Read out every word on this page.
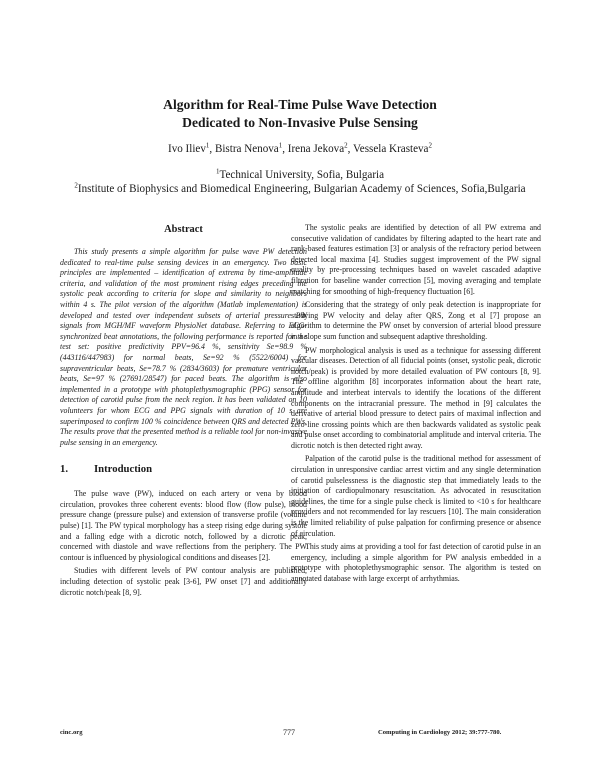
Algorithm for Real-Time Pulse Wave Detection
Dedicated to Non-Invasive Pulse Sensing
Ivo Iliev$^1$, Bistra Nenova$^1$, Irena Jekova$^2$, Vessela Krasteva$^2$
$^1$Technical University, Sofia, Bulgaria
$^2$Institute of Biophysics and Biomedical Engineering, Bulgarian Academy of Sciences, Sofia,Bulgaria
Abstract

This study presents a simple algorithm for pulse wave PW detection dedicated to real-time pulse sensing devices in an emergency. Two basic principles are implemented – identification of extrema by time-amplitude criteria, and validation of the most prominent rising edges preceding the systolic peak according to criteria for slope and similarity to neighbors within 4 s. The pilot version of the algorithm (Matlab implementation) is developed and tested over independent subsets of arterial pressure PW signals from MGH/MF waveform PhysioNet database. Referring to ECG-synchronized beat annotations, the following performance is reported for the test set: positive predictivity PPV=96.4 %, sensitivity Se=98.9 % (443116/447983) for normal beats, Se=92 % (5522/6004) for supraventricular beats, Se=78.7 % (2834/3603) for premature ventricular beats, Se=97 % (27691/28547) for paced beats. The algorithm is also implemented in a prototype with photoplethysmographic (PPG) sensor for detection of carotid pulse from the neck region. It has been validated on 10 volunteers for whom ECG and PPG signals with duration of 10 s are superimposed to confirm 100 % coincidence between QRS and detected PWs. The results prove that the presented method is a reliable tool for non-invasive pulse sensing in an emergency.

1. Introduction

The pulse wave (PW), induced on each artery or vena by blood circulation, provokes three coherent events: blood flow (flow pulse), blood pressure change (pressure pulse) and extension of transverse profile (volume pulse) [1]. The PW typical morphology has a steep rising edge during systole and a falling edge with a dicrotic notch, followed by a dicrotic peak, concerned with diastole and wave reflections from the periphery. The PW contour is influenced by physiological conditions and diseases [2].

Studies with different levels of PW contour analysis are published, including detection of systolic peak [3-6], PW onset [7] and additionally dicrotic notch/peak [8, 9].

The systolic peaks are identified by detection of all PW extrema and consecutive validation of candidates by filtering adapted to the heart rate and rank-based features estimation [3] or analysis of the refractory period between detected local maxima [4]. Studies suggest improvement of the PW signal quality by pre-processing techniques based on wavelet cascaded adaptive filtration for baseline wander correction [5], moving averaging and template matching for smoothing of high-frequency fluctuation [6].

Considering that the strategy of only peak detection is inappropriate for studying PW velocity and delay after QRS, Zong et al [7] propose an algorithm to determine the PW onset by conversion of arterial blood pressure in a slope sum function and subsequent adaptive thresholding.

PW morphological analysis is used as a technique for assessing different vascular diseases. Detection of all fiducial points (onset, systolic peak, dicrotic notch/peak) is provided by more detailed evaluation of PW contours [8, 9]. The offline algorithm [8] incorporates information about the heart rate, amplitude and interbeat intervals to identify the locations of the different components on the intracranial pressure. The method in [9] calculates the derivative of arterial blood pressure to detect pairs of maximal inflection and zero-line crossing points which are then backwards validated as systolic peak and pulse onset according to combinatorial amplitude and interval criteria. The dicrotic notch is then detected right away.

Palpation of the carotid pulse is the traditional method for assessment of circulation in unresponsive cardiac arrest victim and any single determination of carotid pulselessness is the diagnostic step that immediately leads to the initiation of cardiopulmonary resuscitation. As advocated in resuscitation guidelines, the time for a single pulse check is limited to <10 s for healthcare providers and not recommended for lay rescuers [10]. The main consideration is the limited reliability of pulse palpation for confirming presence or absence of circulation.

This study aims at providing a tool for fast detection of carotid pulse in an emergency, including a simple algorithm for PW analysis embedded in a prototype with photoplethysmographic sensor. The algorithm is tested on annotated database with large excerpt of arrhythmias.

cinc.org	777	Computing in Cardiology 2012; 39:777-780.
